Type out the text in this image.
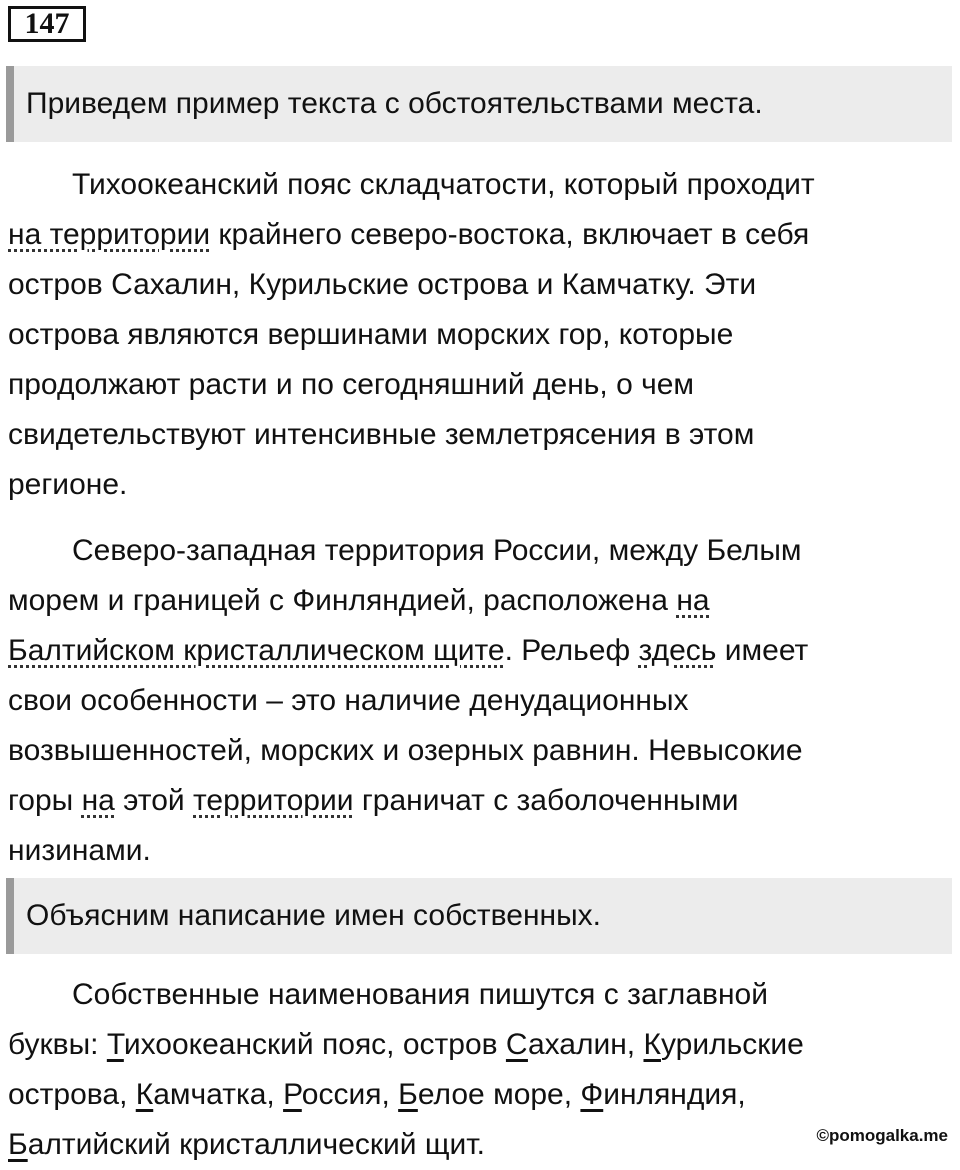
147
Приведем пример текста с обстоятельствами места.

Тихоокеанский пояс складчатости, который проходит
на территории крайнего северо-востока, включает в себя
остров Сахалин, Курильские острова и Камчатку. Эти
острова являются вершинами морских гор, которые
продолжают расти и по сегодняшний день, о чем
свидетельствуют интенсивные землетрясения в этом
регионе.

Северо-западная территория России, между Белым
морем и границей с Финляндией, расположена на
Балтийском кристаллическом щите. Рельеф здесь имеет
свои особенности – это наличие денудационных
возвышенностей, морских и озерных равнин. Невысокие
горы на этой территории граничат с заболоченными
низинами.

Объясним написание имен собственных.

Собственные наименования пишутся с заглавной
буквы: Тихоокеанский пояс, остров Сахалин, Курильские
острова, Камчатка, Россия, Белое море, Финляндия,
Балтийский кристаллический щит.	©pomogalka.me
